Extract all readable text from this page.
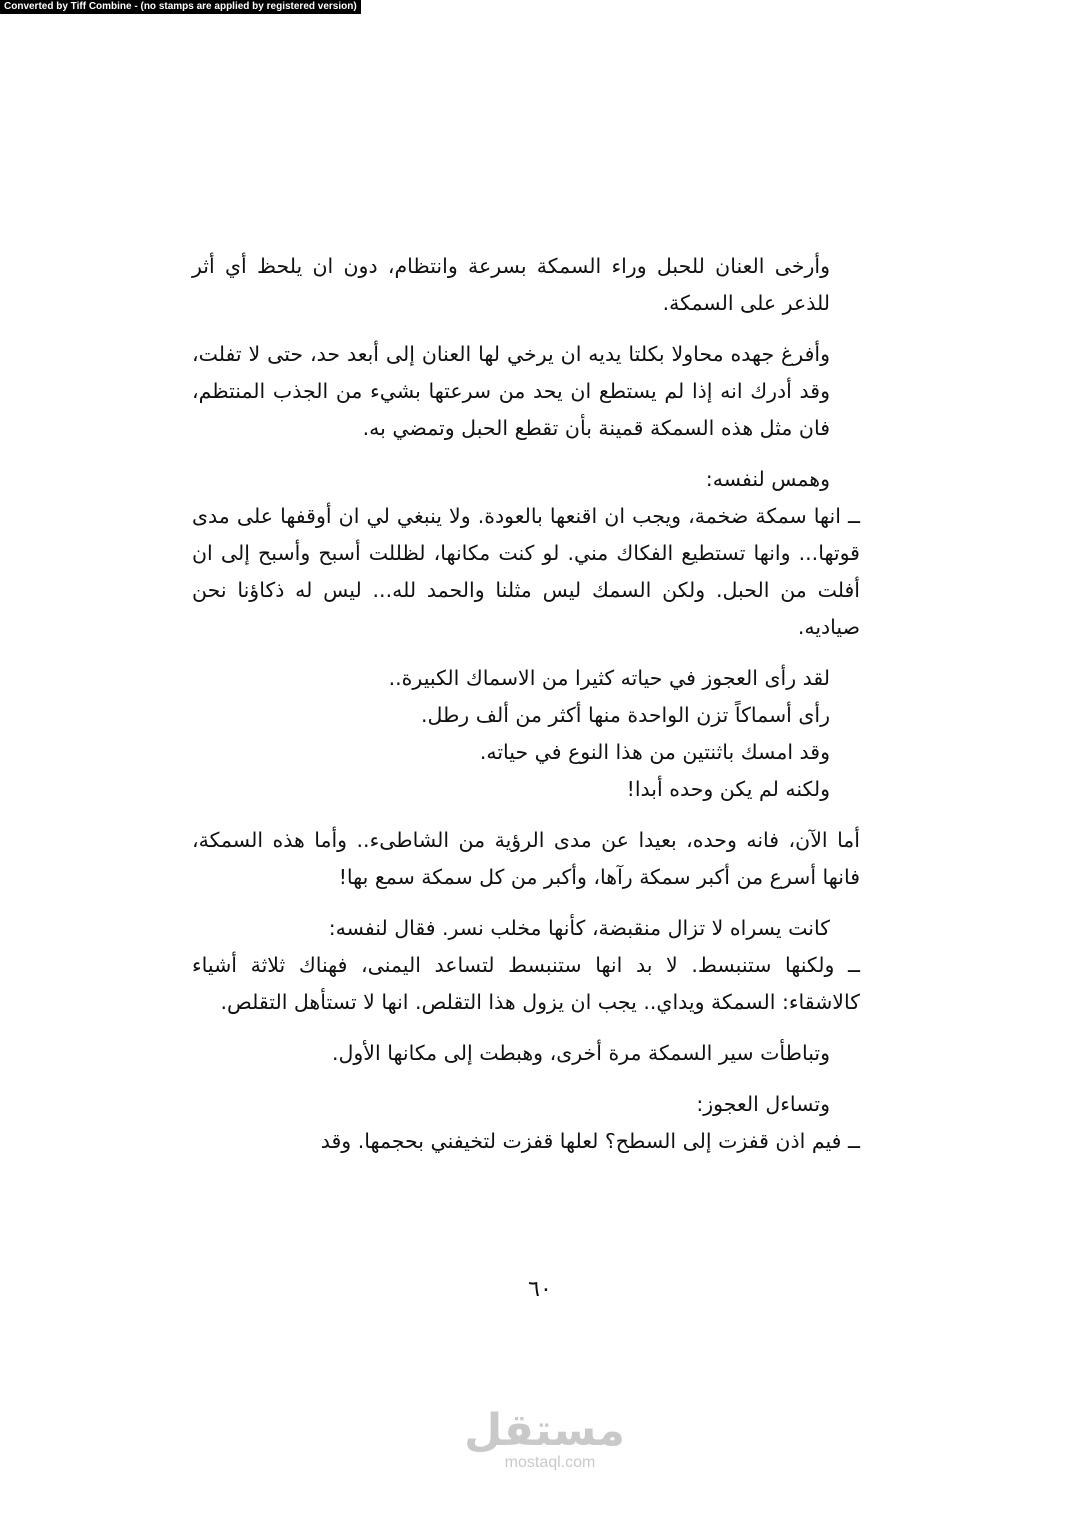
Converted by Tiff Combine - (no stamps are applied by registered version)

وأرخى العنان للحبل وراء السمكة بسرعة وانتظام، دون ان يلحظ أي أثر للذعر على السمكة.

وأفرغ جهده محاولا بكلتا يديه ان يرخي لها العنان إلى أبعد حد، حتى لا تفلت، وقد أدرك انه إذا لم يستطع ان يحد من سرعتها بشيء من الجذب المنتظم، فان مثل هذه السمكة قمينة بأن تقطع الحبل وتمضي به.

وهمس لنفسه:

ــ انها سمكة ضخمة، ويجب ان اقنعها بالعودة. ولا ينبغي لي ان أوقفها على مدى قوتها... وانها تستطيع الفكاك مني. لو كنت مكانها، لظللت أسبح وأسبح إلى ان أفلت من الحبل. ولكن السمك ليس مثلنا والحمد لله... ليس له ذكاؤنا نحن صياديه.

لقد رأى العجوز في حياته كثيرا من الاسماك الكبيرة..

رأى أسماكاً تزن الواحدة منها أكثر من ألف رطل.

وقد امسك باثنتين من هذا النوع في حياته.

ولكنه لم يكن وحده أبدا!

أما الآن، فانه وحده، بعيدا عن مدى الرؤية من الشاطىء.. وأما هذه السمكة، فانها أسرع من أكبر سمكة رآها، وأكبر من كل سمكة سمع بها!

كانت يسراه لا تزال منقبضة، كأنها مخلب نسر. فقال لنفسه:

ــ ولكنها ستنبسط. لا بد انها ستنبسط لتساعد اليمنى، فهناك ثلاثة أشياء كالاشقاء: السمكة ويداي.. يجب ان يزول هذا التقلص. انها لا تستأهل التقلص.

وتباطأت سير السمكة مرة أخرى، وهبطت إلى مكانها الأول.

وتساءل العجوز:

ــ فيم اذن قفزت إلى السطح؟ لعلها قفزت لتخيفني بحجمها. وقد

٦٠
مستقل
mostaql.com
